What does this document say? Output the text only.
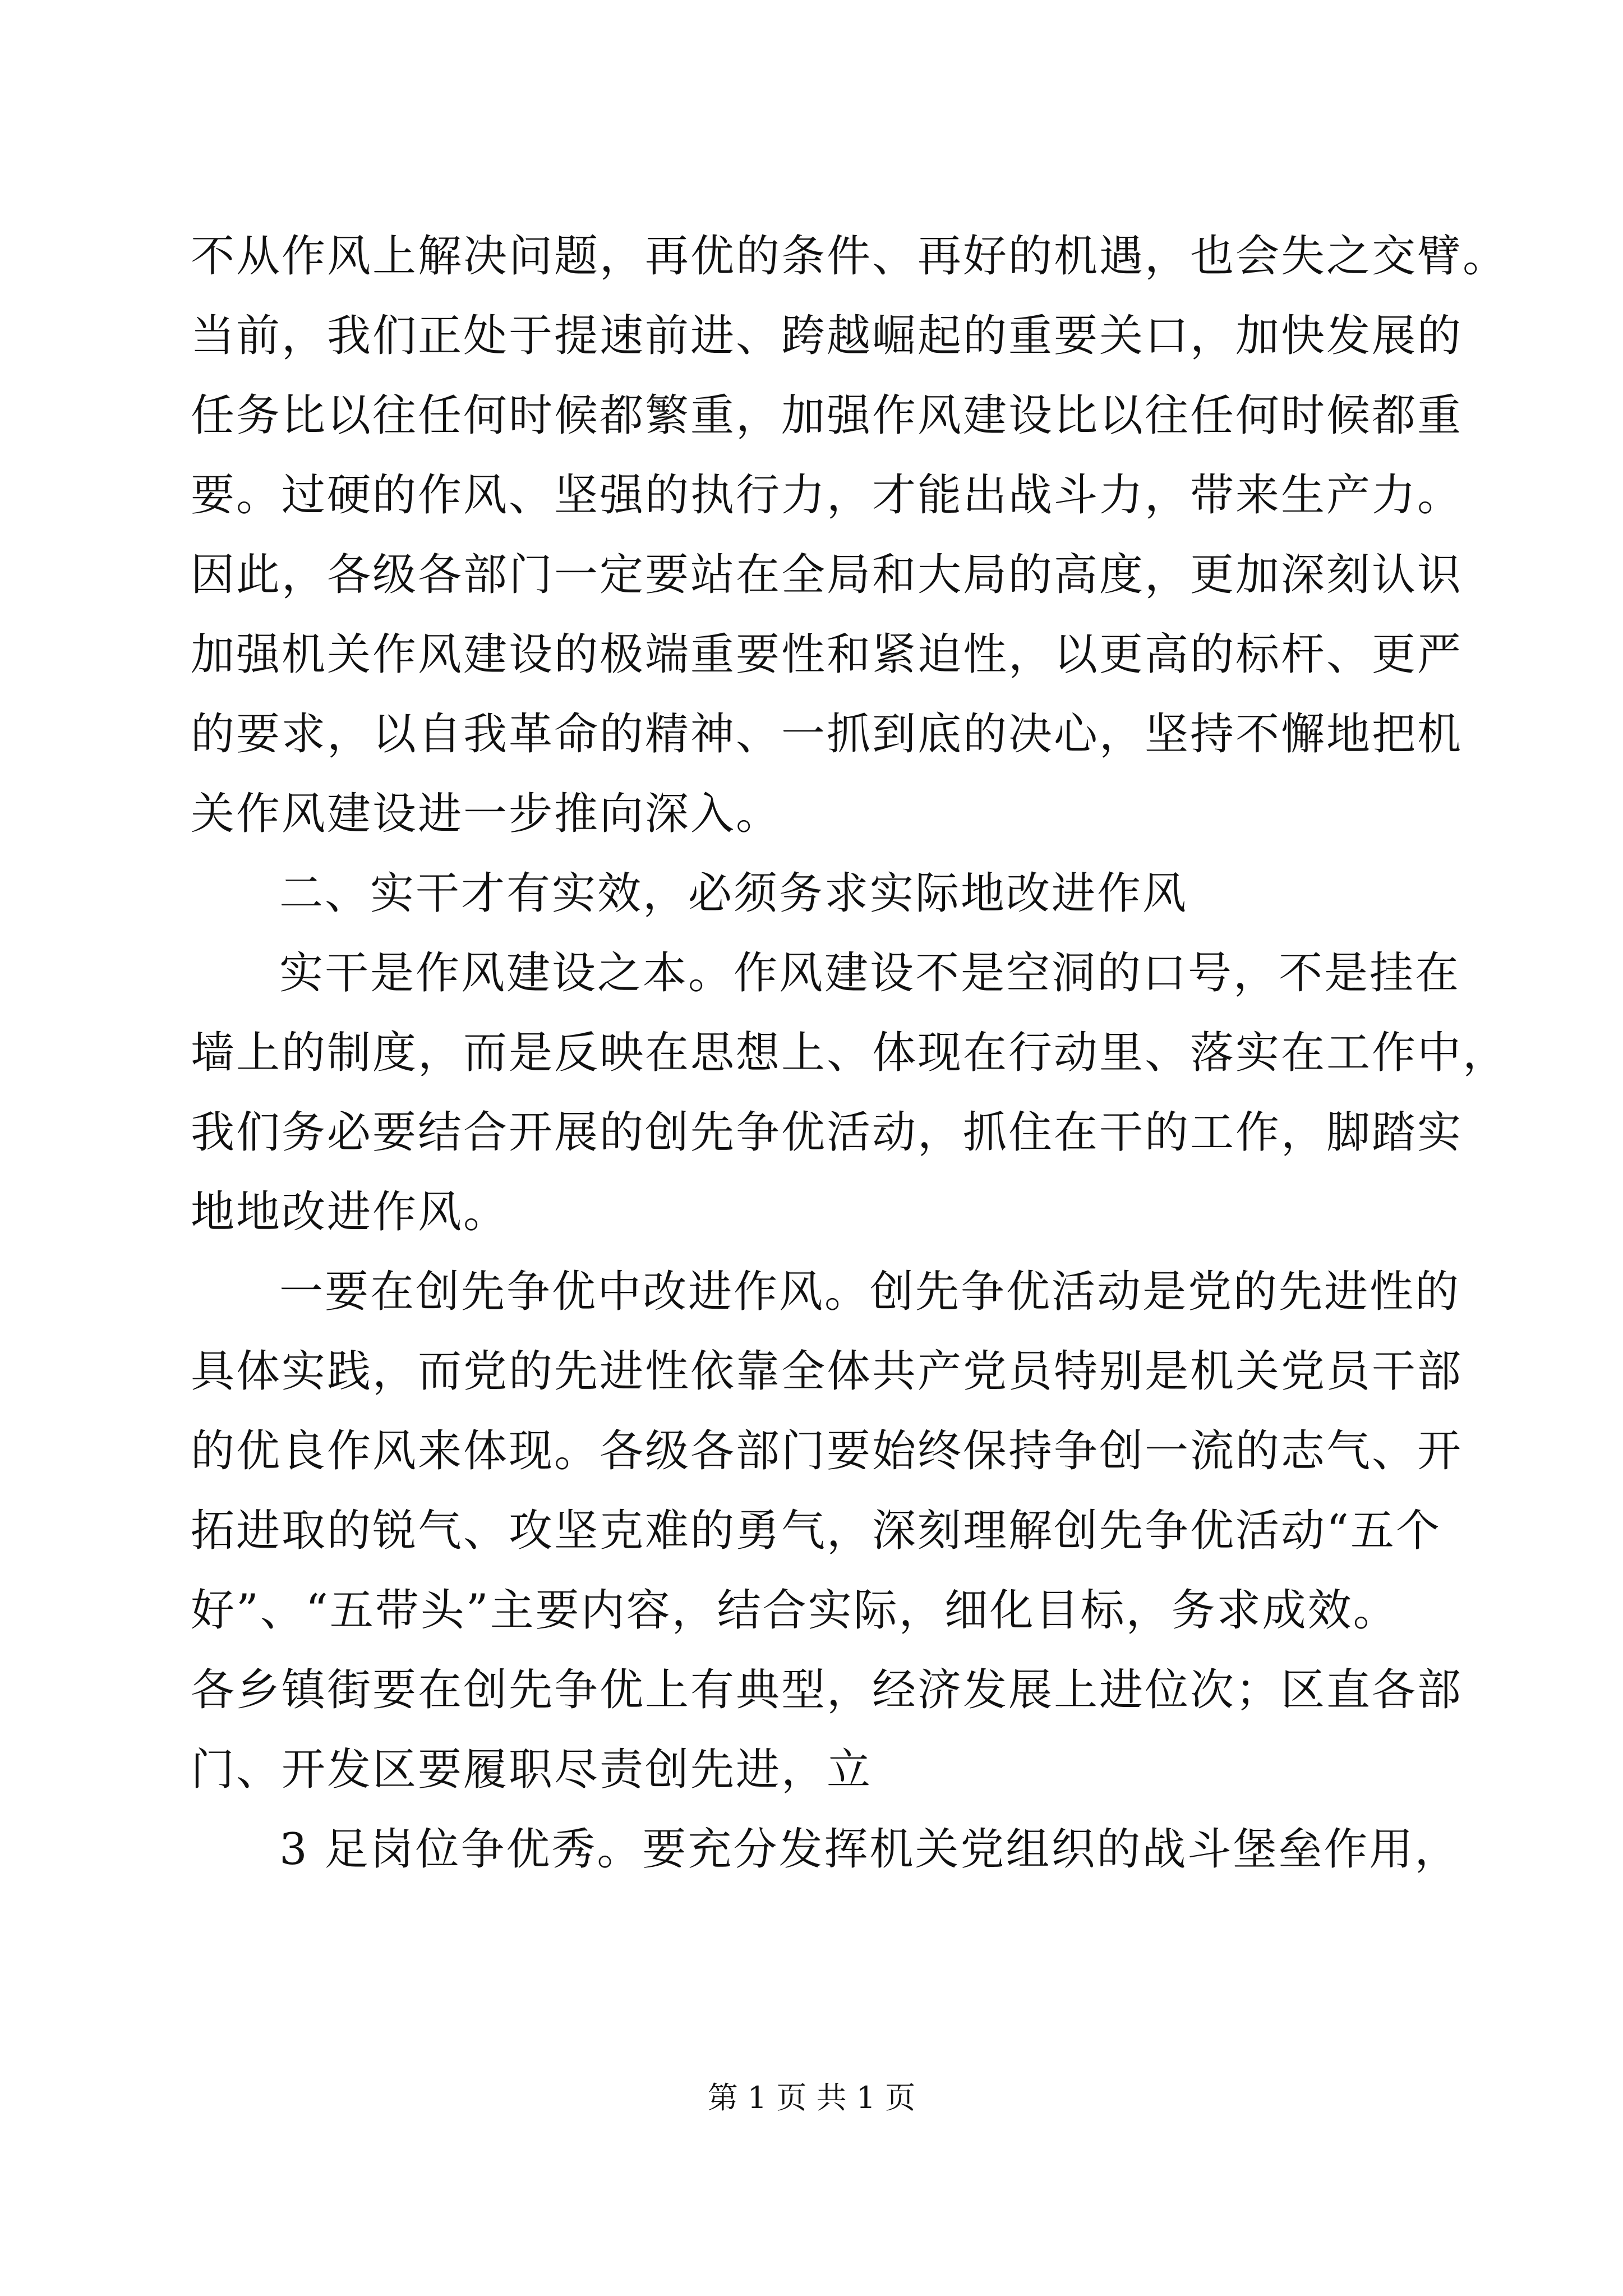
不从作风上解决问题，再优的条件、再好的机遇，也会失之交臂。
当前，我们正处于提速前进、跨越崛起的重要关口，加快发展的
任务比以往任何时候都繁重，加强作风建设比以往任何时候都重
要。过硬的作风、坚强的执行力，才能出战斗力，带来生产力。
因此，各级各部门一定要站在全局和大局的高度，更加深刻认识
加强机关作风建设的极端重要性和紧迫性，以更高的标杆、更严
的要求，以自我革命的精神、一抓到底的决心，坚持不懈地把机
关作风建设进一步推向深入。
二、实干才有实效，必须务求实际地改进作风
实干是作风建设之本。作风建设不是空洞的口号，不是挂在
墙上的制度，而是反映在思想上、体现在行动里、落实在工作中，
我们务必要结合开展的创先争优活动，抓住在干的工作，脚踏实
地地改进作风。
一要在创先争优中改进作风。创先争优活动是党的先进性的
具体实践，而党的先进性依靠全体共产党员特别是机关党员干部
的优良作风来体现。各级各部门要始终保持争创一流的志气、开
拓进取的锐气、攻坚克难的勇气，深刻理解创先争优活动“五个
好”、“五带头”主要内容，结合实际，细化目标，务求成效。
各乡镇街要在创先争优上有典型，经济发展上进位次；区直各部
门、开发区要履职尽责创先进，立
3 足岗位争优秀。要充分发挥机关党组织的战斗堡垒作用，
第 1 页 共 1 页
